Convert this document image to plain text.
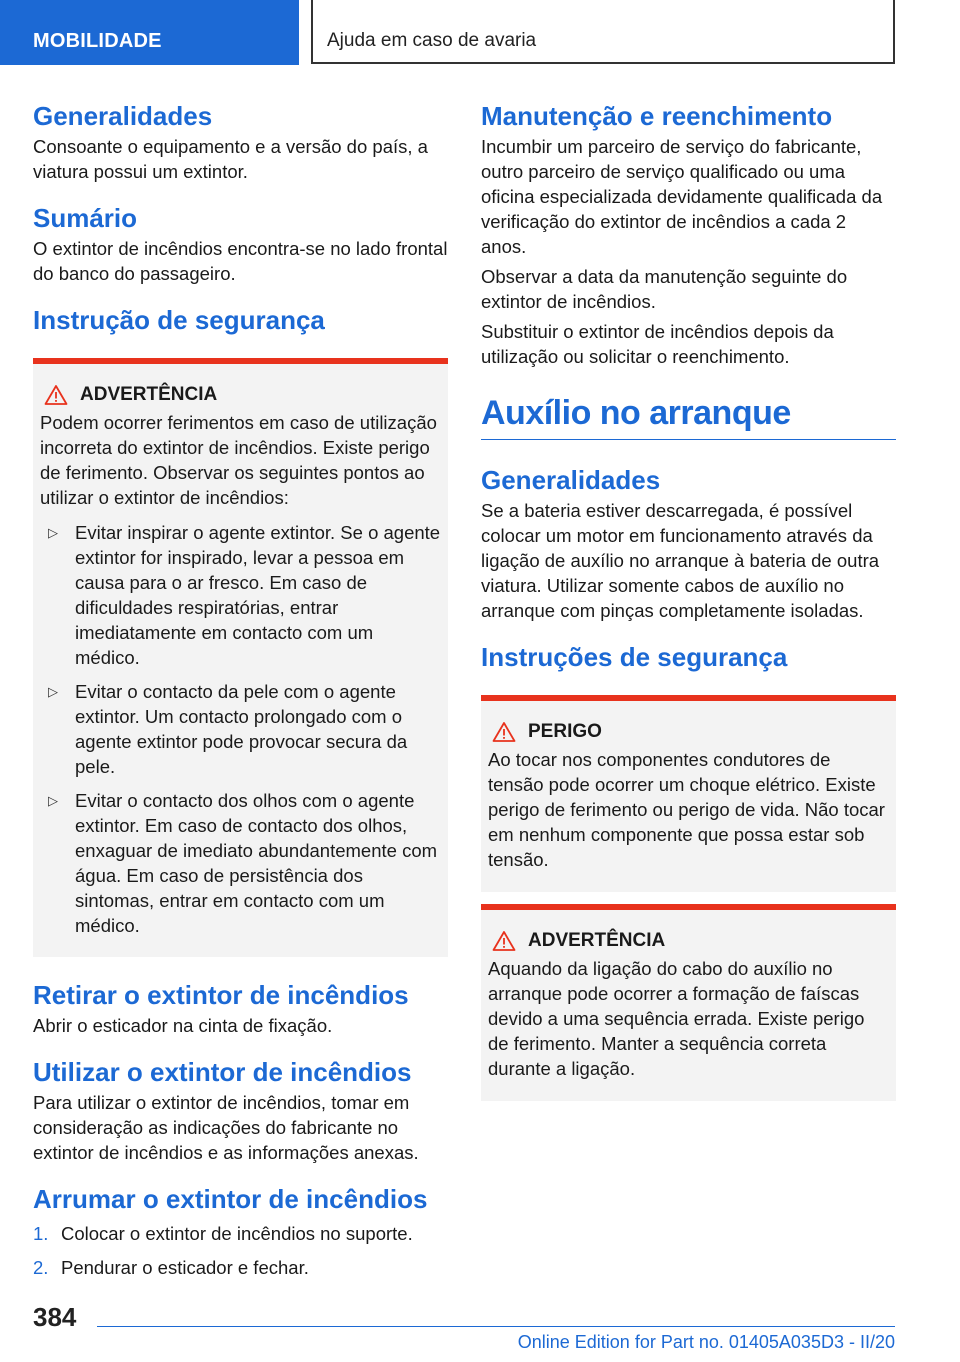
MOBILIDADE	Ajuda em caso de avaria
Generalidades

Consoante o equipamento e a versão do país, a viatura possui um extintor.

Sumário

O extintor de incêndios encontra-se no lado frontal do banco do passageiro.

Instrução de segurança
ADVERTÊNCIA

Podem ocorrer ferimentos em caso de utilização incorreta do extintor de incêndios. Existe perigo de ferimento. Observar os seguintes pontos ao utilizar o extintor de incêndios:

▷ Evitar inspirar o agente extintor. Se o agente extintor for inspirado, levar a pessoa em causa para o ar fresco. Em caso de dificuldades respiratórias, entrar imediatamente em contacto com um médico.
▷ Evitar o contacto da pele com o agente extintor. Um contacto prolongado com o agente extintor pode provocar secura da pele.
▷ Evitar o contacto dos olhos com o agente extintor. Em caso de contacto dos olhos, enxaguar de imediato abundantemente com água. Em caso de persistência dos sintomas, entrar em contacto com um médico.
Retirar o extintor de incêndios

Abrir o esticador na cinta de fixação.

Utilizar o extintor de incêndios

Para utilizar o extintor de incêndios, tomar em consideração as indicações do fabricante no extintor de incêndios e as informações anexas.

Arrumar o extintor de incêndios
1. Colocar o extintor de incêndios no suporte.
2. Pendurar o esticador e fechar.
Manutenção e reenchimento

Incumbir um parceiro de serviço do fabricante, outro parceiro de serviço qualificado ou uma oficina especializada devidamente qualificada da verificação do extintor de incêndios a cada 2 anos.

Observar a data da manutenção seguinte do extintor de incêndios.

Substituir o extintor de incêndios depois da utilização ou solicitar o reenchimento.

Auxílio no arranque
Generalidades

Se a bateria estiver descarregada, é possível colocar um motor em funcionamento através da ligação de auxílio no arranque à bateria de outra viatura. Utilizar somente cabos de auxílio no arranque com pinças completamente isoladas.

Instruções de segurança
PERIGO

Ao tocar nos componentes condutores de tensão pode ocorrer um choque elétrico. Existe perigo de ferimento ou perigo de vida. Não tocar em nenhum componente que possa estar sob tensão.

ADVERTÊNCIA

Aquando da ligação do cabo do auxílio no arranque pode ocorrer a formação de faíscas devido a uma sequência errada. Existe perigo de ferimento. Manter a sequência correta durante a ligação.

384
Online Edition for Part no. 01405A035D3 - II/20
